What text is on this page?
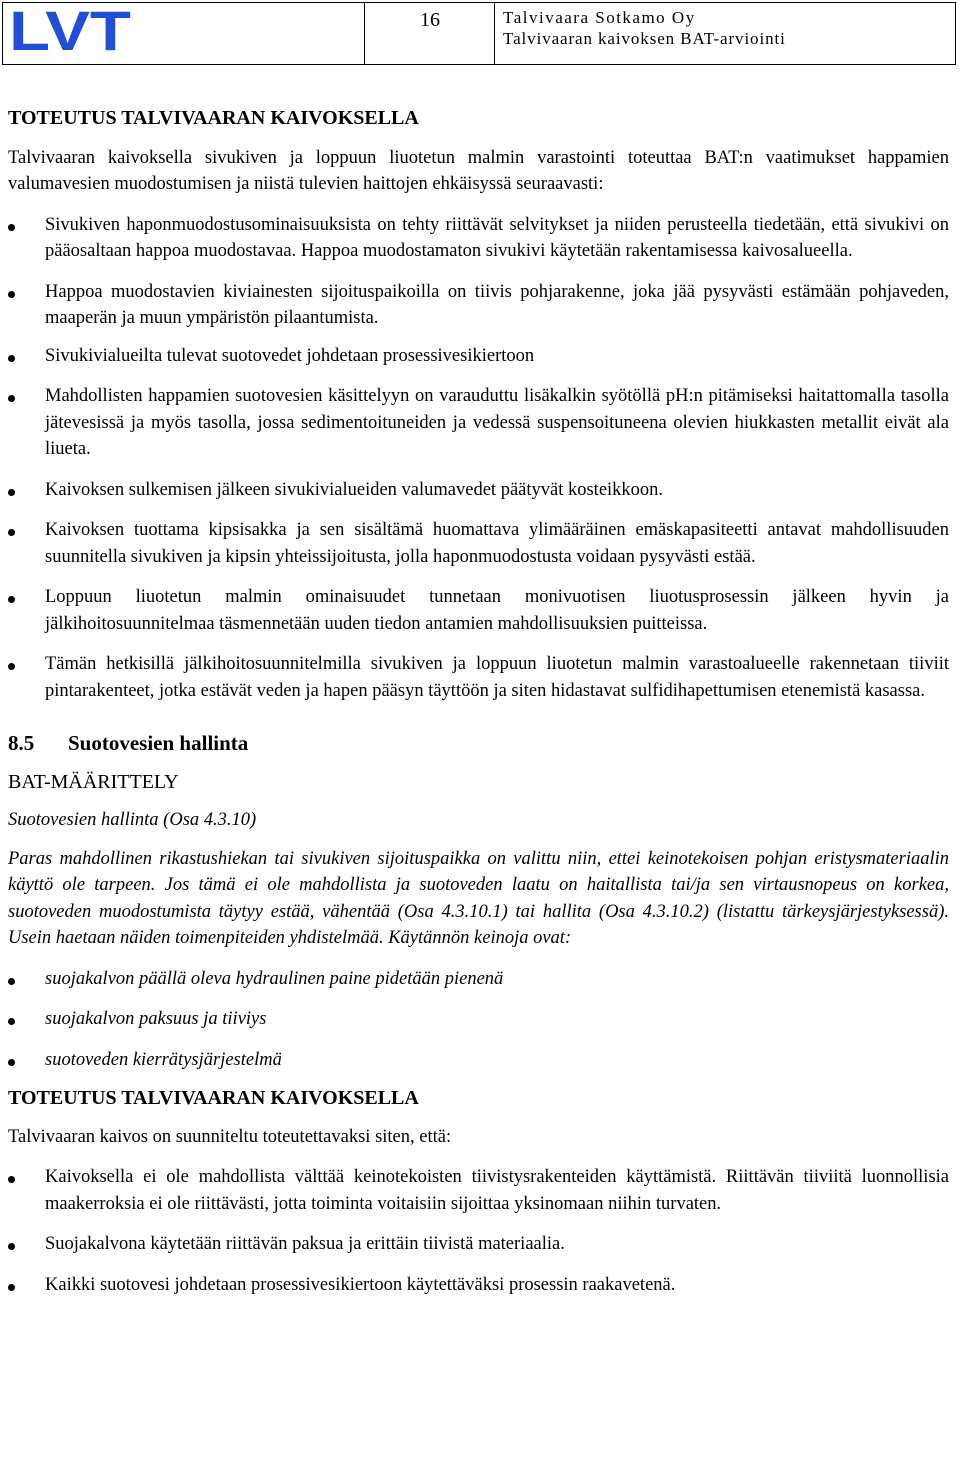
LVT	16	Talvivaara Sotkamo Oy
Talvivaaran kaivoksen BAT-arviointi

TOTEUTUS TALVIVAARAN KAIVOKSELLA

Talvivaaran kaivoksella sivukiven ja loppuun liuotetun malmin varastointi toteuttaa BAT:n vaatimukset happamien valumavesien muodostumisen ja niistä tulevien haittojen ehkäisyssä seuraavasti:

Sivukiven haponmuodostusominaisuuksista on tehty riittävät selvitykset ja niiden perusteella tiedetään, että sivukivi on pääosaltaan happoa muodostavaa. Happoa muodostamaton sivukivi käytetään rakentamisessa kaivosalueella.
Happoa muodostavien kiviainesten sijoituspaikoilla on tiivis pohjarakenne, joka jää pysyvästi estämään pohjaveden, maaperän ja muun ympäristön pilaantumista.
Sivukivialueilta tulevat suotovedet johdetaan prosessivesikiertoon
Mahdollisten happamien suotovesien käsittelyyn on varauduttu lisäkalkin syötöllä pH:n pitämiseksi haitattomalla tasolla jätevesissä ja myös tasolla, jossa sedimentoituneiden ja vedessä suspensoituneena olevien hiukkasten metallit eivät ala liueta.
Kaivoksen sulkemisen jälkeen sivukivialueiden valumavedet päätyvät kosteikkoon.
Kaivoksen tuottama kipsisakka ja sen sisältämä huomattava ylimääräinen emäskapasiteetti antavat mahdollisuuden suunnitella sivukiven ja kipsin yhteissijoitusta, jolla haponmuodostusta voidaan pysyvästi estää.
Loppuun liuotetun malmin ominaisuudet tunnetaan monivuotisen liuotusprosessin jälkeen hyvin ja jälkihoitosuunnitelmaa täsmennetään uuden tiedon antamien mahdollisuuksien puitteissa.
Tämän hetkisillä jälkihoitosuunnitelmilla sivukiven ja loppuun liuotetun malmin varastoalueelle rakennetaan tiiviit pintarakenteet, jotka estävät veden ja hapen pääsyn täyttöön ja siten hidastavat sulfidihapettumisen etenemistä kasassa.

8.5 Suotovesien hallinta

BAT-MÄÄRITTELY

Suotovesien hallinta (Osa 4.3.10)

Paras mahdollinen rikastushiekan tai sivukiven sijoituspaikka on valittu niin, ettei keinotekoisen pohjan eristysmateriaalin käyttö ole tarpeen. Jos tämä ei ole mahdollista ja suotoveden laatu on haitallista tai/ja sen virtausnopeus on korkea, suotoveden muodostumista täytyy estää, vähentää (Osa 4.3.10.1) tai hallita (Osa 4.3.10.2) (listattu tärkeysjärjestyksessä). Usein haetaan näiden toimenpiteiden yhdistelmää. Käytännön keinoja ovat:

suojakalvon päällä oleva hydraulinen paine pidetään pienenä
suojakalvon paksuus ja tiiviys
suotoveden kierrätysjärjestelmä

TOTEUTUS TALVIVAARAN KAIVOKSELLA

Talvivaaran kaivos on suunniteltu toteutettavaksi siten, että:

Kaivoksella ei ole mahdollista välttää keinotekoisten tiivistysrakenteiden käyttämistä. Riittävän tiiviitä luonnollisia maakerroksia ei ole riittävästi, jotta toiminta voitaisiin sijoittaa yksinomaan niihin turvaten.
Suojakalvona käytetään riittävän paksua ja erittäin tiivistä materiaalia.
Kaikki suotovesi johdetaan prosessivesikiertoon käytettäväksi prosessin raakavetenä.
